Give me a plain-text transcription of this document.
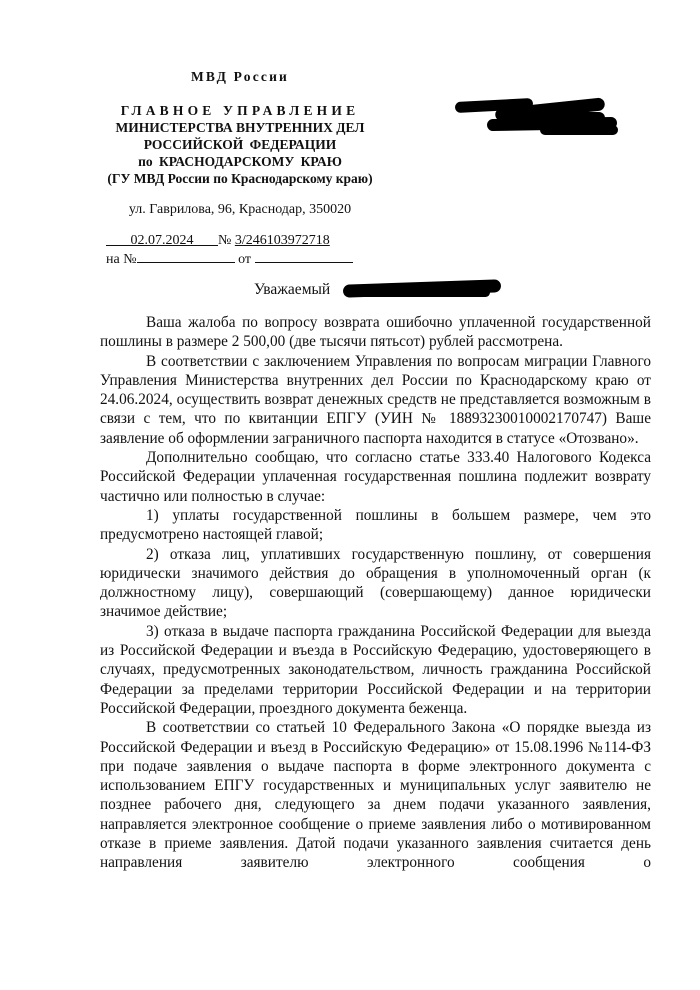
МВД России
ГЛАВНОЕ УПРАВЛЕНИЕ
МИНИСТЕРСТВА ВНУТРЕННИХ ДЕЛ
РОССИЙСКОЙ ФЕДЕРАЦИИ
по КРАСНОДАРСКОМУ КРАЮ
(ГУ МВД России по Краснодарскому краю)
ул. Гаврилова, 96, Краснодар, 350020
02.07.2024 № 3/246103972718
на №	от
Уважаемый

Ваша жалоба по вопросу возврата ошибочно уплаченной государственной пошлины в размере 2 500,00 (две тысячи пятьсот) рублей рассмотрена.

В соответствии с заключением Управления по вопросам миграции Главного Управления Министерства внутренних дел России по Краснодарскому краю от 24.06.2024, осуществить возврат денежных средств не представляется возможным в связи с тем, что по квитанции ЕПГУ (УИН № 18893230010002170747) Ваше заявление об оформлении заграничного паспорта находится в статусе «Отозвано».

Дополнительно сообщаю, что согласно статье 333.40 Налогового Кодекса Российской Федерации уплаченная государственная пошлина подлежит возврату частично или полностью в случае:

1) уплаты государственной пошлины в большем размере, чем это предусмотрено настоящей главой;

2) отказа лиц, уплативших государственную пошлину, от совершения юридически значимого действия до обращения в уполномоченный орган (к должностному лицу), совершающий (совершающему) данное юридически значимое действие;

3) отказа в выдаче паспорта гражданина Российской Федерации для выезда из Российской Федерации и въезда в Российскую Федерацию, удостоверяющего в случаях, предусмотренных законодательством, личность гражданина Российской Федерации за пределами территории Российской Федерации и на территории Российской Федерации, проездного документа беженца.

В соответствии со статьей 10 Федерального Закона «О порядке выезда из Российской Федерации и въезд в Российскую Федерацию» от 15.08.1996 №114-ФЗ при подаче заявления о выдаче паспорта в форме электронного документа с использованием ЕПГУ государственных и муниципальных услуг заявителю не позднее рабочего дня, следующего за днем подачи указанного заявления, направляется электронное сообщение о приеме заявления либо о мотивированном отказе в приеме заявления. Датой подачи указанного заявления считается день направления заявителю электронного сообщения о
